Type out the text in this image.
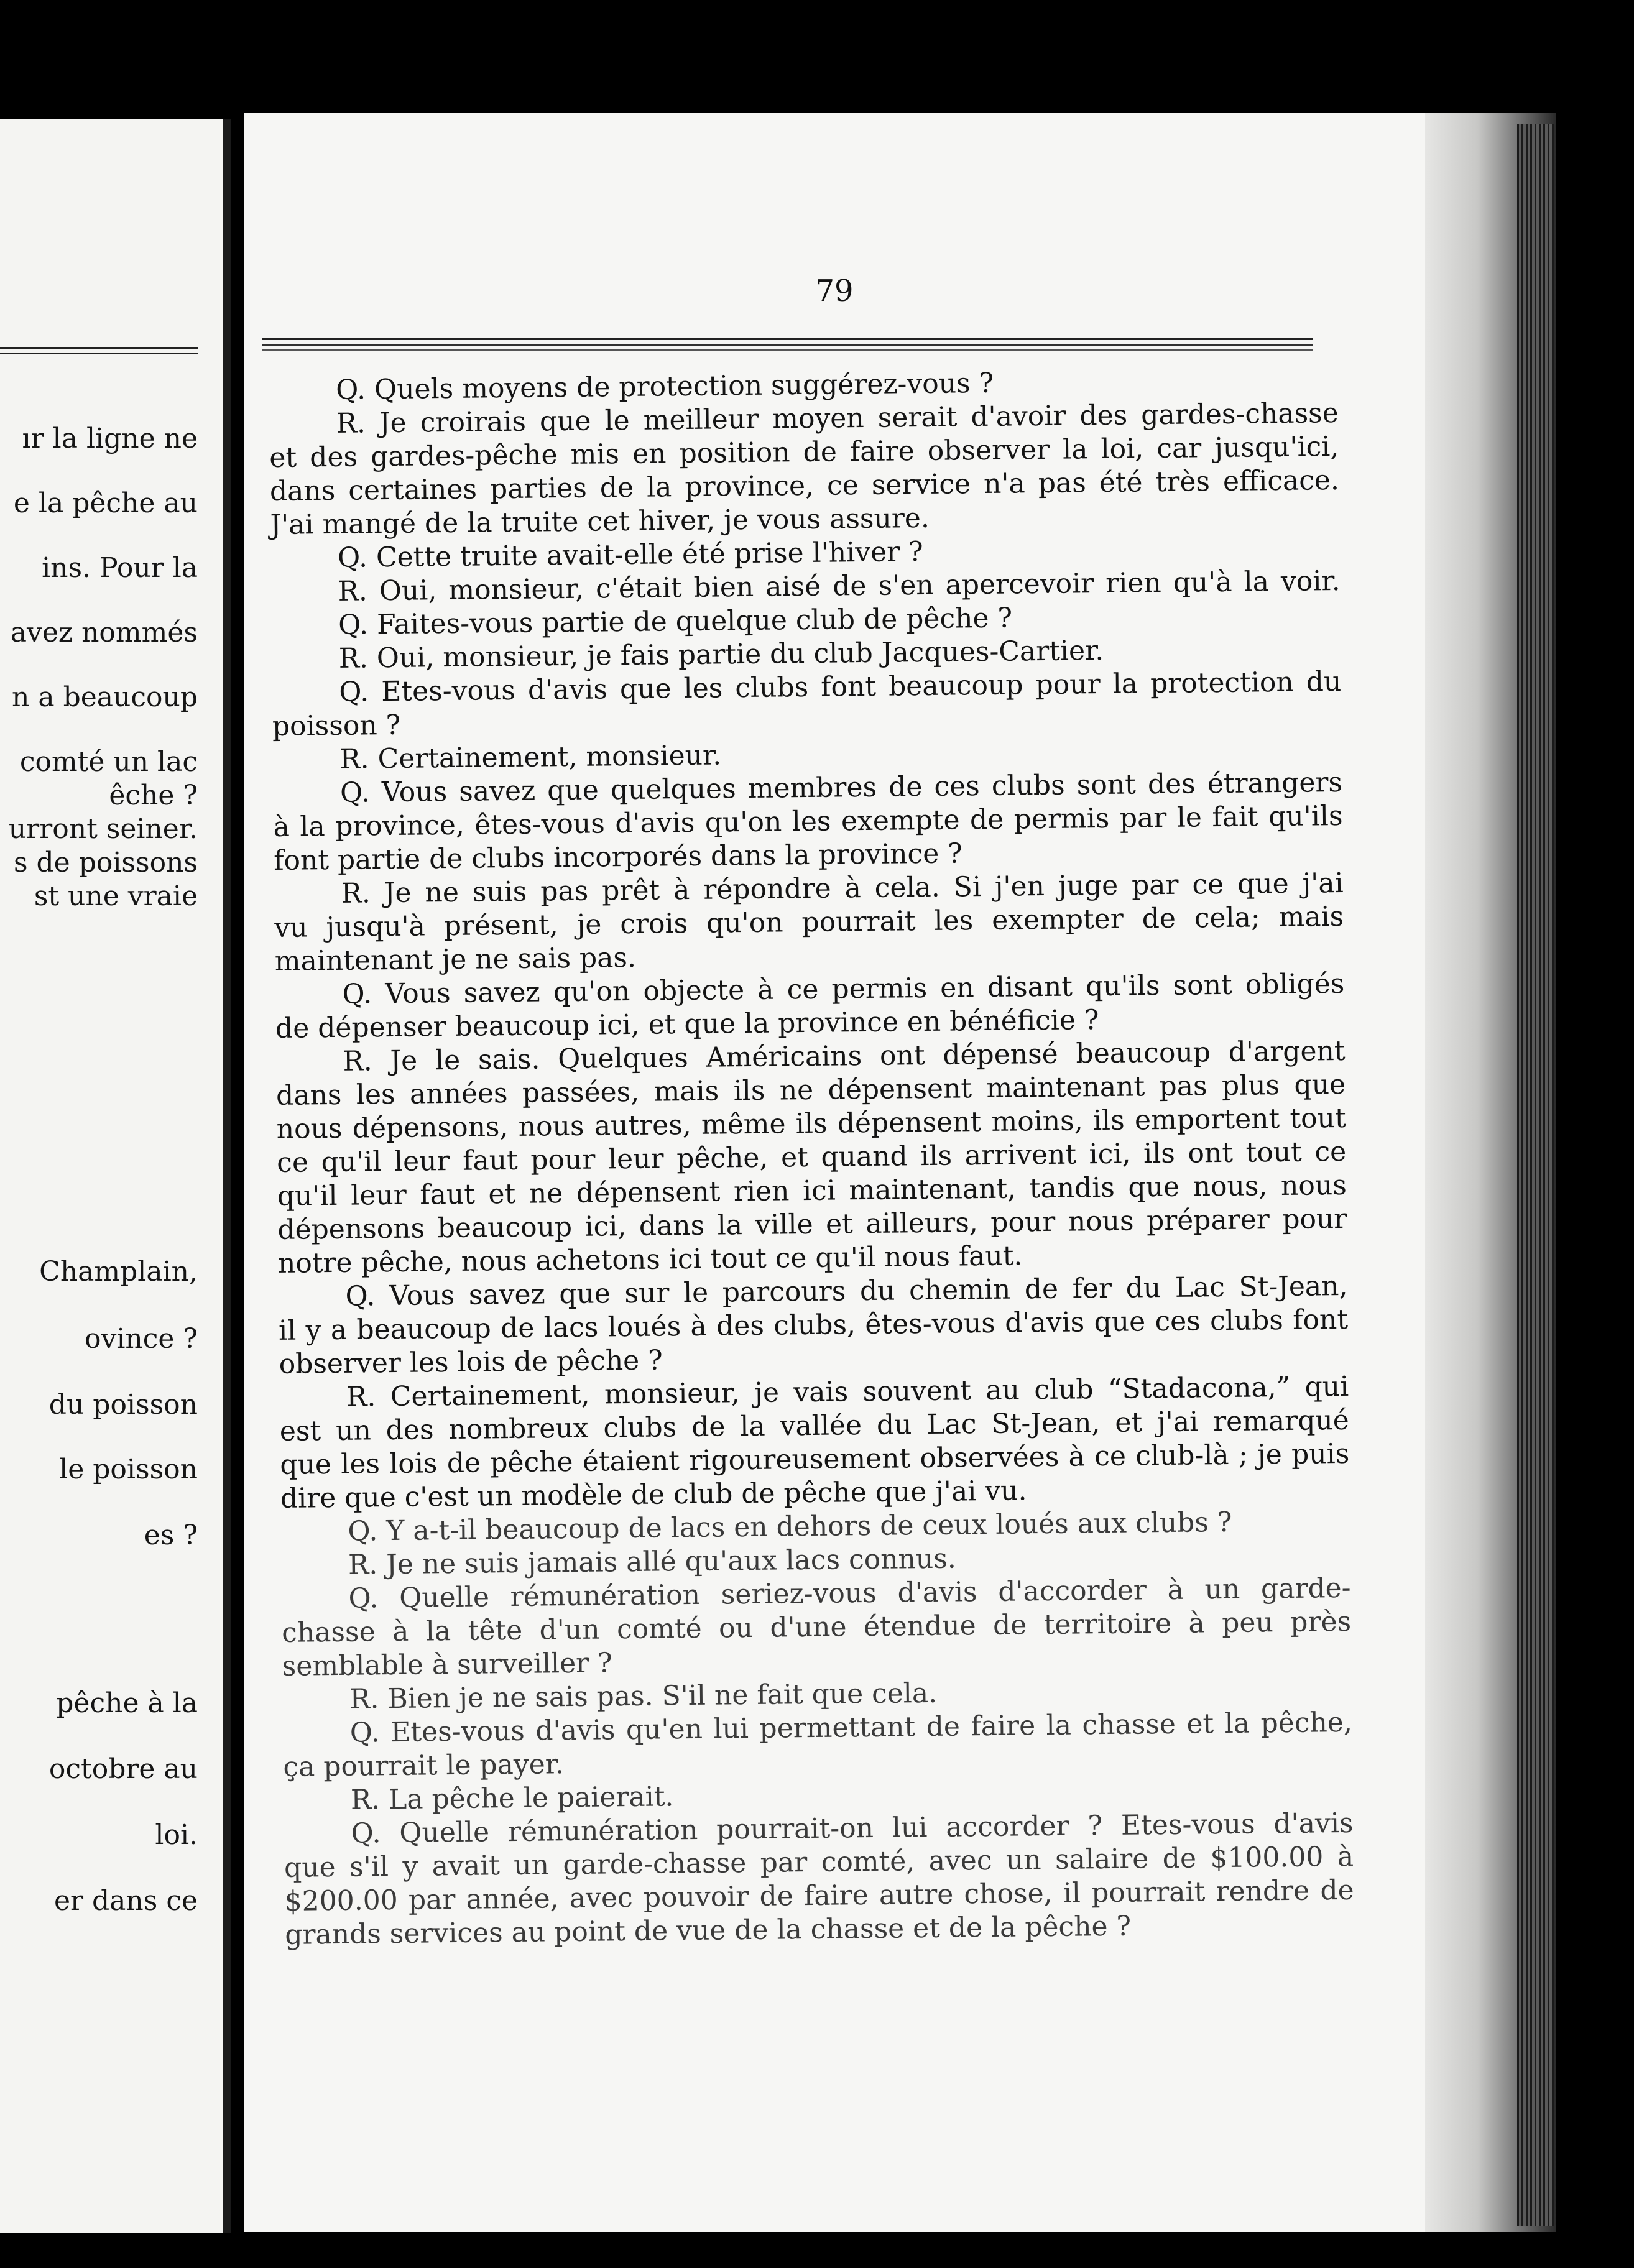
ır la ligne ne
e la pêche au
ins. Pour la
avez nommés
n a beaucoup
comté un lac
êche ?
urront seiner.
s de poissons
st une vraie
Champlain,
ovince ?
du poisson
le poisson
es ?
pêche à la
octobre au
loi.
er dans ce
79
Q. Quels moyens de protection suggérez-vous ?
R. Je croirais que le meilleur moyen serait d'avoir des gardes-chasse
et des gardes-pêche mis en position de faire observer la loi, car jusqu'ici,
dans certaines parties de la province, ce service n'a pas été très efficace.
J'ai mangé de la truite cet hiver, je vous assure.
Q. Cette truite avait-elle été prise l'hiver ?
R. Oui, monsieur, c'était bien aisé de s'en apercevoir rien qu'à la voir.
Q. Faites-vous partie de quelque club de pêche ?
R. Oui, monsieur, je fais partie du club Jacques-Cartier.
Q. Etes-vous d'avis que les clubs font beaucoup pour la protection du
poisson ?
R. Certainement, monsieur.
Q. Vous savez que quelques membres de ces clubs sont des étrangers
à la province, êtes-vous d'avis qu'on les exempte de permis par le fait qu'ils
font partie de clubs incorporés dans la province ?
R. Je ne suis pas prêt à répondre à cela. Si j'en juge par ce que j'ai
vu jusqu'à présent, je crois qu'on pourrait les exempter de cela; mais
maintenant je ne sais pas.
Q. Vous savez qu'on objecte à ce permis en disant qu'ils sont obligés
de dépenser beaucoup ici, et que la province en bénéficie ?
R. Je le sais. Quelques Américains ont dépensé beaucoup d'argent
dans les années passées, mais ils ne dépensent maintenant pas plus que
nous dépensons, nous autres, même ils dépensent moins, ils emportent tout
ce qu'il leur faut pour leur pêche, et quand ils arrivent ici, ils ont tout ce
qu'il leur faut et ne dépensent rien ici maintenant, tandis que nous, nous
dépensons beaucoup ici, dans la ville et ailleurs, pour nous préparer pour
notre pêche, nous achetons ici tout ce qu'il nous faut.
Q. Vous savez que sur le parcours du chemin de fer du Lac St-Jean,
il y a beaucoup de lacs loués à des clubs, êtes-vous d'avis que ces clubs font
observer les lois de pêche ?
R. Certainement, monsieur, je vais souvent au club “Stadacona,” qui
est un des nombreux clubs de la vallée du Lac St-Jean, et j'ai remarqué
que les lois de pêche étaient rigoureusement observées à ce club-là ; je puis
dire que c'est un modèle de club de pêche que j'ai vu.
Q. Y a-t-il beaucoup de lacs en dehors de ceux loués aux clubs ?
R. Je ne suis jamais allé qu'aux lacs connus.
Q. Quelle rémunération seriez-vous d'avis d'accorder à un garde-
chasse à la tête d'un comté ou d'une étendue de territoire à peu près
semblable à surveiller ?
R. Bien je ne sais pas. S'il ne fait que cela.
Q. Etes-vous d'avis qu'en lui permettant de faire la chasse et la pêche,
ça pourrait le payer.
R. La pêche le paierait.
Q. Quelle rémunération pourrait-on lui accorder ? Etes-vous d'avis
que s'il y avait un garde-chasse par comté, avec un salaire de $100.00 à
$200.00 par année, avec pouvoir de faire autre chose, il pourrait rendre de
grands services au point de vue de la chasse et de la pêche ?
